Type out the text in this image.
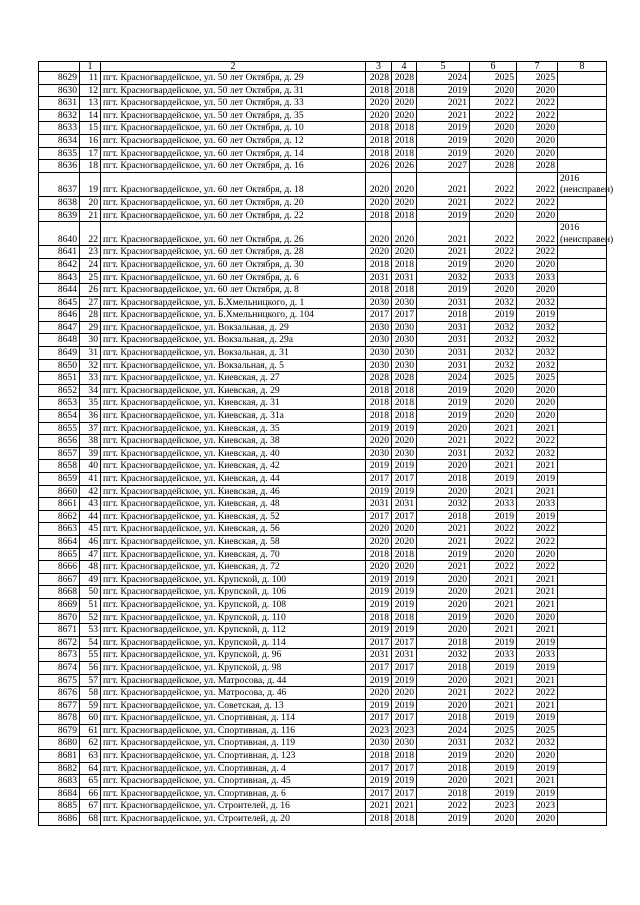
	1	2	3	4	5	6	7	8
8629	11	пгт. Красногвардейское, ул. 50 лет Октября, д. 29	2028	2028	2024	2025	2025	
8630	12	пгт. Красногвардейское, ул. 50 лет Октября, д. 31	2018	2018	2019	2020	2020	
8631	13	пгт. Красногвардейское, ул. 50 лет Октября, д. 33	2020	2020	2021	2022	2022	
8632	14	пгт. Красногвардейское, ул. 50 лет Октября, д. 35	2020	2020	2021	2022	2022	
8633	15	пгт. Красногвардейское, ул. 60 лет Октября, д. 10	2018	2018	2019	2020	2020	
8634	16	пгт. Красногвардейское, ул. 60 лет Октября, д. 12	2018	2018	2019	2020	2020	
8635	17	пгт. Красногвардейское, ул. 60 лет Октября, д. 14	2018	2018	2019	2020	2020	
8636	18	пгт. Красногвардейское, ул. 60 лет Октября, д. 16	2026	2026	2027	2028	2028	
8637	19	пгт. Красногвардейское, ул. 60 лет Октября, д. 18	2020	2020	2021	2022	2022	2016 (неисправен)
8638	20	пгт. Красногвардейское, ул. 60 лет Октября, д. 20	2020	2020	2021	2022	2022	
8639	21	пгт. Красногвардейское, ул. 60 лет Октября, д. 22	2018	2018	2019	2020	2020	
8640	22	пгт. Красногвардейское, ул. 60 лет Октября, д. 26	2020	2020	2021	2022	2022	2016 (неисправен)
8641	23	пгт. Красногвардейское, ул. 60 лет Октября, д. 28	2020	2020	2021	2022	2022	
8642	24	пгт. Красногвардейское, ул. 60 лет Октября, д. 30	2018	2018	2019	2020	2020	
8643	25	пгт. Красногвардейское, ул. 60 лет Октября, д. 6	2031	2031	2032	2033	2033	
8644	26	пгт. Красногвардейское, ул. 60 лет Октября, д. 8	2018	2018	2019	2020	2020	
8645	27	пгт. Красногвардейское, ул. Б.Хмельницкого, д. 1	2030	2030	2031	2032	2032	
8646	28	пгт. Красногвардейское, ул. Б.Хмельницкого, д. 104	2017	2017	2018	2019	2019	
8647	29	пгт. Красногвардейское, ул. Вокзальная, д. 29	2030	2030	2031	2032	2032	
8648	30	пгт. Красногвардейское, ул. Вокзальная, д. 29а	2030	2030	2031	2032	2032	
8649	31	пгт. Красногвардейское, ул. Вокзальная, д. 31	2030	2030	2031	2032	2032	
8650	32	пгт. Красногвардейское, ул. Вокзальная, д. 5	2030	2030	2031	2032	2032	
8651	33	пгт. Красногвардейское, ул. Киевская, д. 27	2028	2028	2024	2025	2025	
8652	34	пгт. Красногвардейское, ул. Киевская, д. 29	2018	2018	2019	2020	2020	
8653	35	пгт. Красногвардейское, ул. Киевская, д. 31	2018	2018	2019	2020	2020	
8654	36	пгт. Красногвардейское, ул. Киевская, д. 31а	2018	2018	2019	2020	2020	
8655	37	пгт. Красногвардейское, ул. Киевская, д. 35	2019	2019	2020	2021	2021	
8656	38	пгт. Красногвардейское, ул. Киевская, д. 38	2020	2020	2021	2022	2022	
8657	39	пгт. Красногвардейское, ул. Киевская, д. 40	2030	2030	2031	2032	2032	
8658	40	пгт. Красногвардейское, ул. Киевская, д. 42	2019	2019	2020	2021	2021	
8659	41	пгт. Красногвардейское, ул. Киевская, д. 44	2017	2017	2018	2019	2019	
8660	42	пгт. Красногвардейское, ул. Киевская, д. 46	2019	2019	2020	2021	2021	
8661	43	пгт. Красногвардейское, ул. Киевская, д. 48	2031	2031	2032	2033	2033	
8662	44	пгт. Красногвардейское, ул. Киевская, д. 52	2017	2017	2018	2019	2019	
8663	45	пгт. Красногвардейское, ул. Киевская, д. 56	2020	2020	2021	2022	2022	
8664	46	пгт. Красногвардейское, ул. Киевская, д. 58	2020	2020	2021	2022	2022	
8665	47	пгт. Красногвардейское, ул. Киевская, д. 70	2018	2018	2019	2020	2020	
8666	48	пгт. Красногвардейское, ул. Киевская, д. 72	2020	2020	2021	2022	2022	
8667	49	пгт. Красногвардейское, ул. Крупской, д. 100	2019	2019	2020	2021	2021	
8668	50	пгт. Красногвардейское, ул. Крупской, д. 106	2019	2019	2020	2021	2021	
8669	51	пгт. Красногвардейское, ул. Крупской, д. 108	2019	2019	2020	2021	2021	
8670	52	пгт. Красногвардейское, ул. Крупской, д. 110	2018	2018	2019	2020	2020	
8671	53	пгт. Красногвардейское, ул. Крупской, д. 112	2019	2019	2020	2021	2021	
8672	54	пгт. Красногвардейское, ул. Крупской, д. 114	2017	2017	2018	2019	2019	
8673	55	пгт. Красногвардейское, ул. Крупской, д. 96	2031	2031	2032	2033	2033	
8674	56	пгт. Красногвардейское, ул. Крупской, д. 98	2017	2017	2018	2019	2019	
8675	57	пгт. Красногвардейское, ул. Матросова, д. 44	2019	2019	2020	2021	2021	
8676	58	пгт. Красногвардейское, ул. Матросова, д. 46	2020	2020	2021	2022	2022	
8677	59	пгт. Красногвардейское, ул. Советская, д. 13	2019	2019	2020	2021	2021	
8678	60	пгт. Красногвардейское, ул. Спортивная, д. 114	2017	2017	2018	2019	2019	
8679	61	пгт. Красногвардейское, ул. Спортивная, д. 116	2023	2023	2024	2025	2025	
8680	62	пгт. Красногвардейское, ул. Спортивная, д. 119	2030	2030	2031	2032	2032	
8681	63	пгт. Красногвардейское, ул. Спортивная, д. 123	2018	2018	2019	2020	2020	
8682	64	пгт. Красногвардейское, ул. Спортивная, д. 4	2017	2017	2018	2019	2019	
8683	65	пгт. Красногвардейское, ул. Спортивная, д. 45	2019	2019	2020	2021	2021	
8684	66	пгт. Красногвардейское, ул. Спортивная, д. 6	2017	2017	2018	2019	2019	
8685	67	пгт. Красногвардейское, ул. Строителей, д. 16	2021	2021	2022	2023	2023	
8686	68	пгт. Красногвардейское, ул. Строителей, д. 20	2018	2018	2019	2020	2020	
